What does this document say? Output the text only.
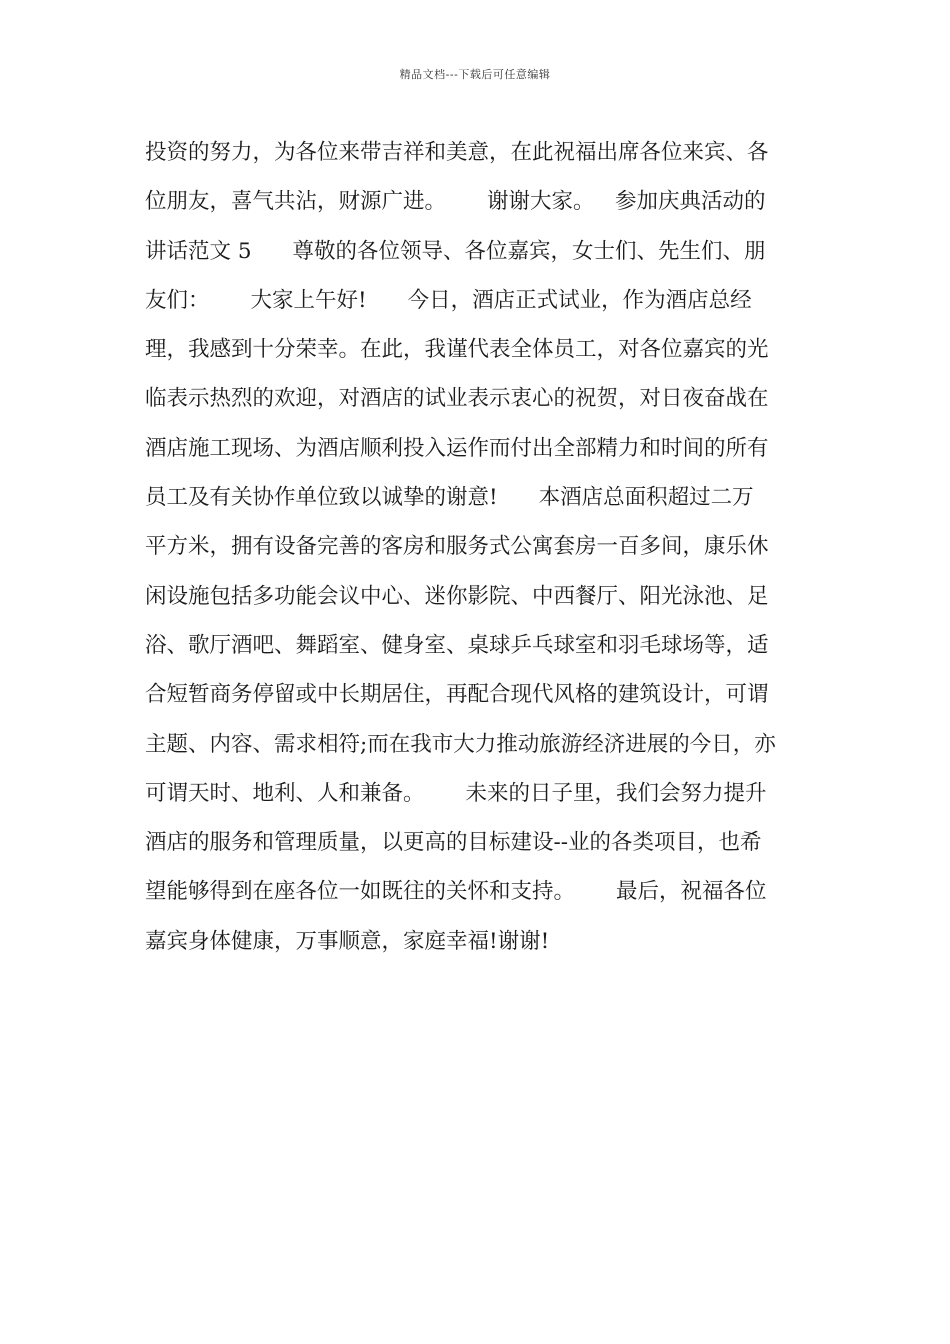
精品文档---下载后可任意编辑
投资的努力，为各位来带吉祥和美意，在此祝福出席各位来宾、各
位朋友，喜气共沾，财源广进。      谢谢大家。   参加庆典活动的
讲话范文 5      尊敬的各位领导、各位嘉宾，女士们、先生们、朋
友们：      大家上午好!      今日，酒店正式试业，作为酒店总经
理，我感到十分荣幸。在此，我谨代表全体员工，对各位嘉宾的光
临表示热烈的欢迎，对酒店的试业表示衷心的祝贺，对日夜奋战在
酒店施工现场、为酒店顺利投入运作而付出全部精力和时间的所有
员工及有关协作单位致以诚挚的谢意!      本酒店总面积超过二万
平方米，拥有设备完善的客房和服务式公寓套房一百多间，康乐休
闲设施包括多功能会议中心、迷你影院、中西餐厅、阳光泳池、足
浴、歌厅酒吧、舞蹈室、健身室、桌球乒乓球室和羽毛球场等，适
合短暂商务停留或中长期居住，再配合现代风格的建筑设计，可谓
主题、内容、需求相符;而在我市大力推动旅游经济进展的今日，亦
可谓天时、地利、人和兼备。      未来的日子里，我们会努力提升
酒店的服务和管理质量，以更高的目标建设--业的各类项目，也希
望能够得到在座各位一如既往的关怀和支持。      最后，祝福各位
嘉宾身体健康，万事顺意，家庭幸福!谢谢!
